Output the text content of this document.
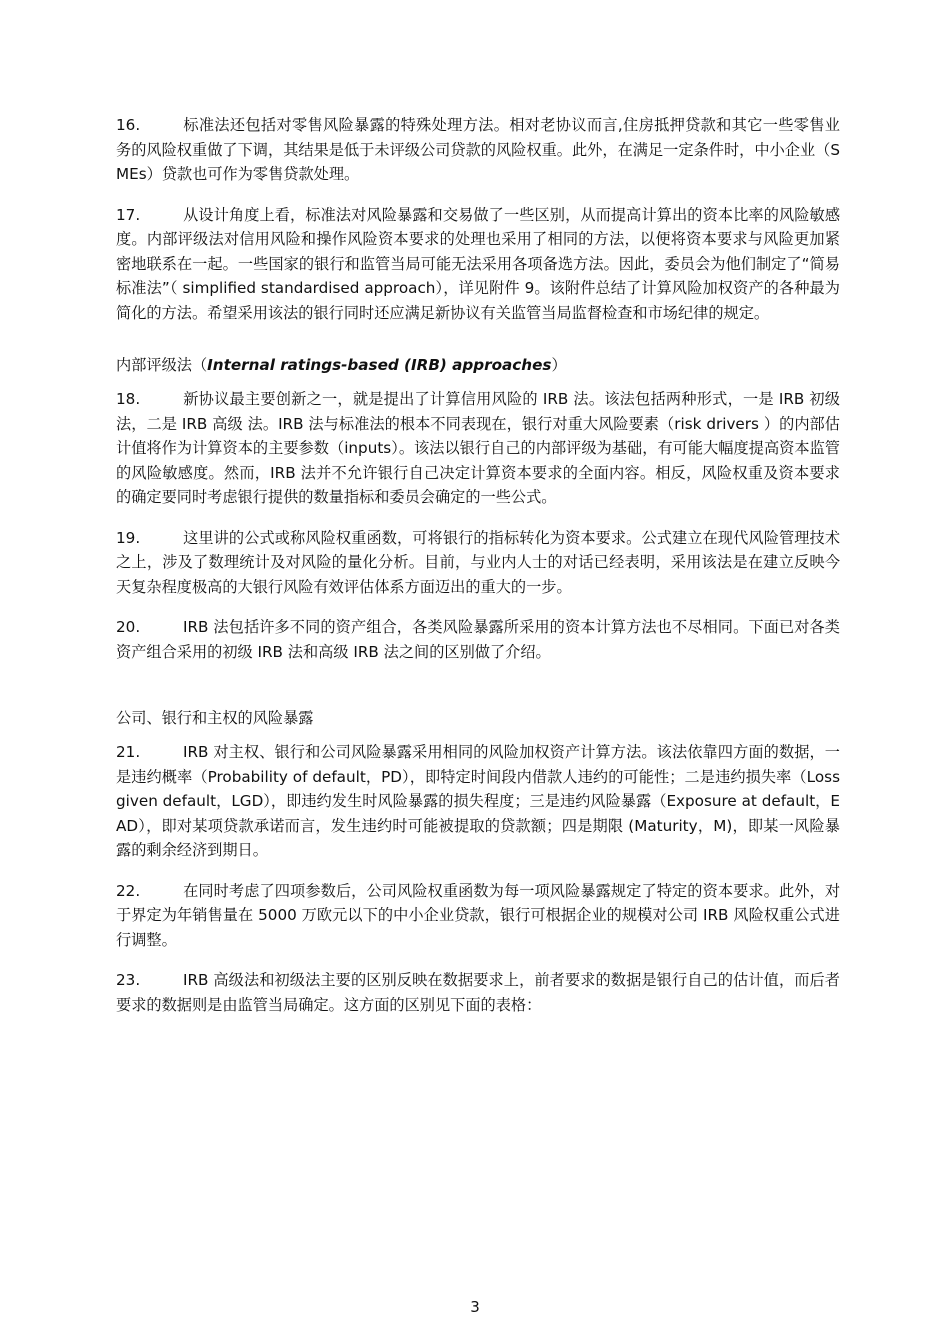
16.	标准法还包括对零售风险暴露的特殊处理方法。相对老协议而言,住房抵押贷款和其它一些零售业务的风险权重做了下调，其结果是低于未评级公司贷款的风险权重。此外，在满足一定条件时，中小企业（SMEs）贷款也可作为零售贷款处理。

17.	从设计角度上看，标准法对风险暴露和交易做了一些区别，从而提高计算出的资本比率的风险敏感度。内部评级法对信用风险和操作风险资本要求的处理也采用了相同的方法，以便将资本要求与风险更加紧密地联系在一起。一些国家的银行和监管当局可能无法采用各项备选方法。因此，委员会为他们制定了“简易标准法”（ simplified standardised approach），详见附件 9。该附件总结了计算风险加权资产的各种最为简化的方法。希望采用该法的银行同时还应满足新协议有关监管当局监督检查和市场纪律的规定。

内部评级法（Internal ratings-based (IRB) approaches）

18.	新协议最主要创新之一，就是提出了计算信用风险的 IRB 法。该法包括两种形式，一是 IRB 初级法，二是 IRB 高级 法。IRB 法与标准法的根本不同表现在，银行对重大风险要素（risk drivers ）的内部估计值将作为计算资本的主要参数（inputs）。该法以银行自己的内部评级为基础，有可能大幅度提高资本监管的风险敏感度。然而，IRB 法并不允许银行自己决定计算资本要求的全面内容。相反，风险权重及资本要求的确定要同时考虑银行提供的数量指标和委员会确定的一些公式。

19.	这里讲的公式或称风险权重函数，可将银行的指标转化为资本要求。公式建立在现代风险管理技术之上，涉及了数理统计及对风险的量化分析。目前，与业内人士的对话已经表明，采用该法是在建立反映今天复杂程度极高的大银行风险有效评估体系方面迈出的重大的一步。

20.	IRB 法包括许多不同的资产组合，各类风险暴露所采用的资本计算方法也不尽相同。下面已对各类资产组合采用的初级 IRB 法和高级 IRB 法之间的区别做了介绍。

公司、银行和主权的风险暴露

21.	IRB 对主权、银行和公司风险暴露采用相同的风险加权资产计算方法。该法依靠四方面的数据，一是违约概率（Probability of default，PD），即特定时间段内借款人违约的可能性；二是违约损失率（Loss given default，LGD），即违约发生时风险暴露的损失程度；三是违约风险暴露（Exposure at default，EAD），即对某项贷款承诺而言，发生违约时可能被提取的贷款额；四是期限 (Maturity，M)，即某一风险暴露的剩余经济到期日。

22.	在同时考虑了四项参数后，公司风险权重函数为每一项风险暴露规定了特定的资本要求。此外，对于界定为年销售量在 5000 万欧元以下的中小企业贷款，银行可根据企业的规模对公司 IRB 风险权重公式进行调整。

23.	IRB 高级法和初级法主要的区别反映在数据要求上，前者要求的数据是银行自己的估计值，而后者要求的数据则是由监管当局确定。这方面的区别见下面的表格：

3
